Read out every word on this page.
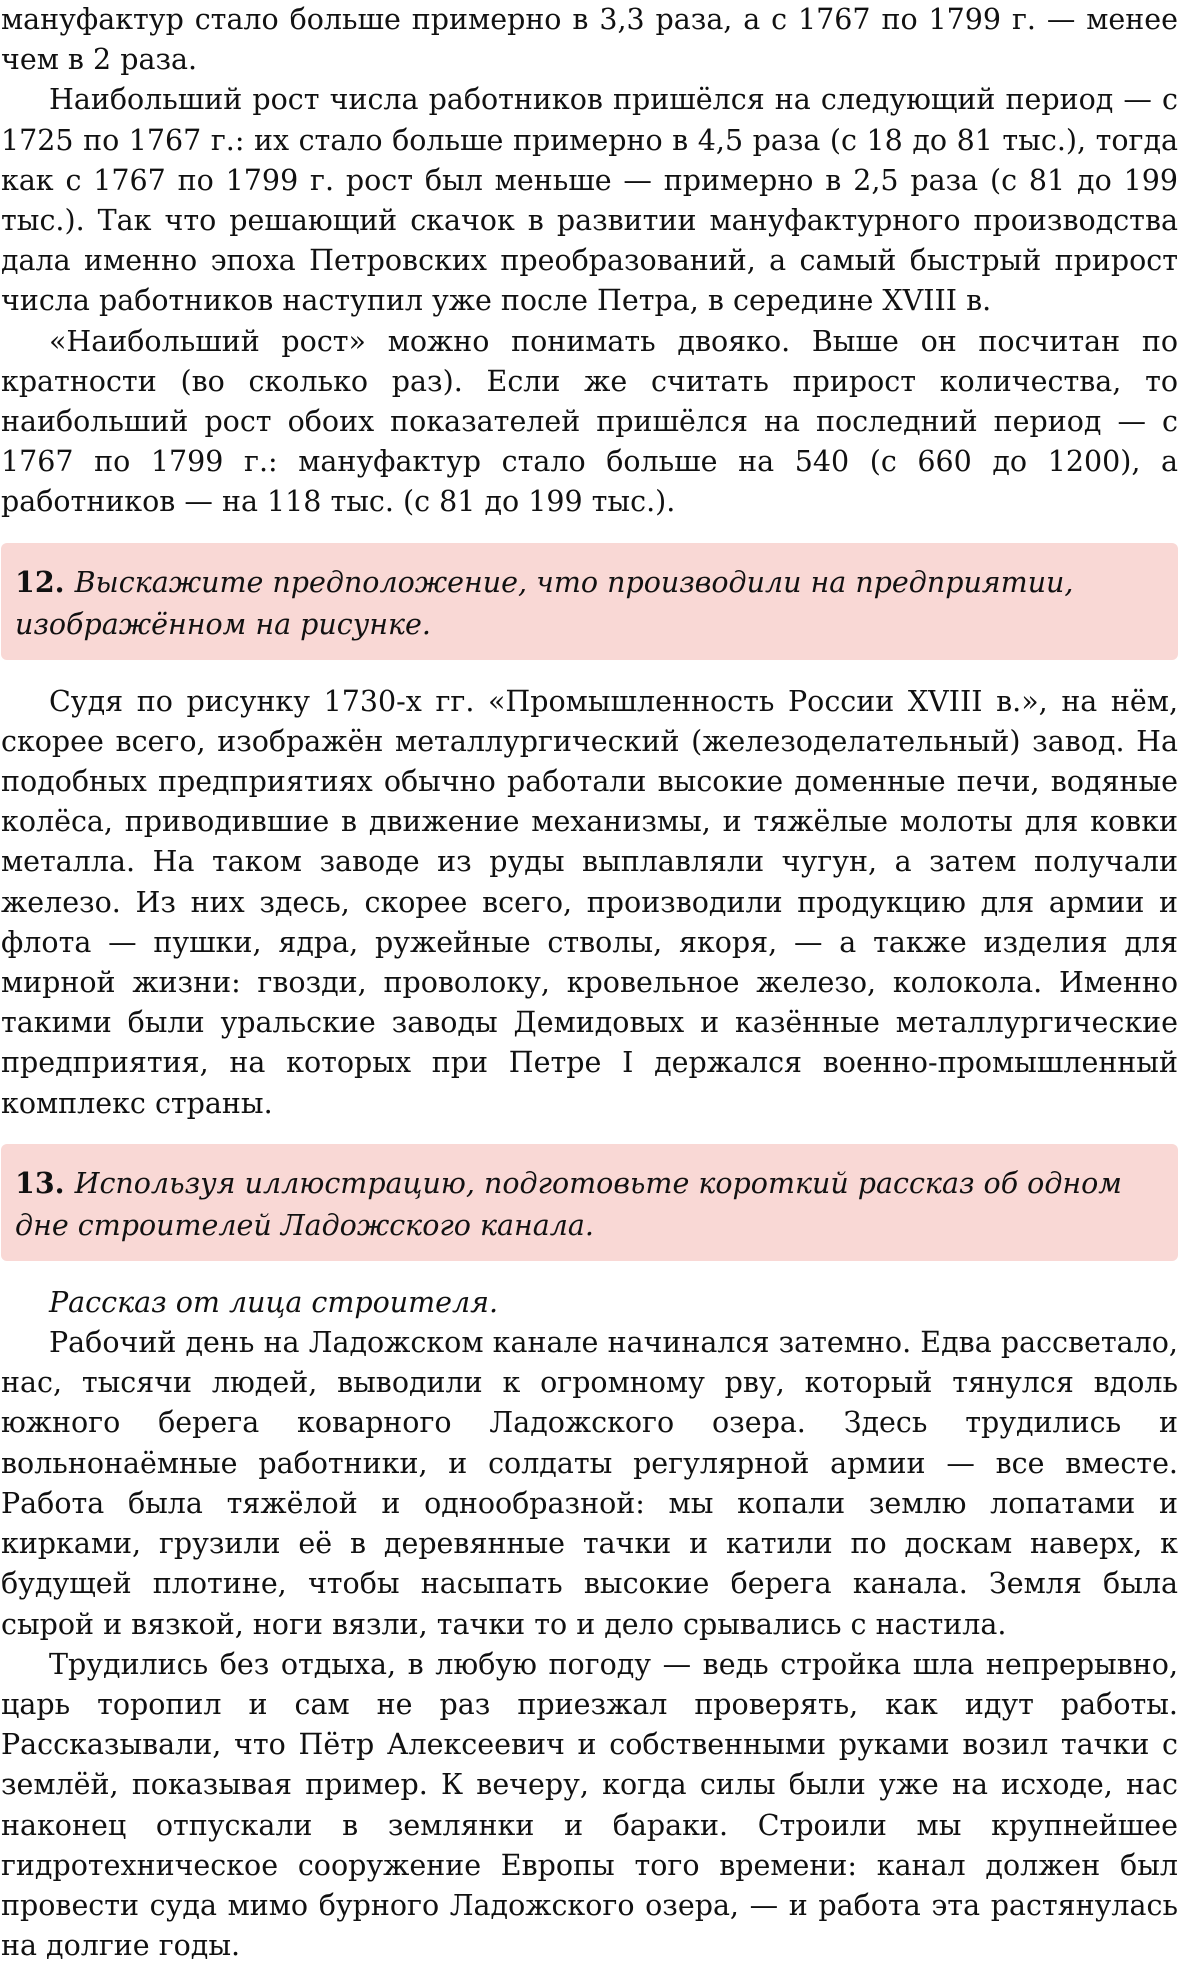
мануфактур стало больше примерно в 3,3 раза, а с 1767 по 1799 г. — менее чем в 2 раза.

Наибольший рост числа работников пришёлся на следующий период — с 1725 по 1767 г.: их стало больше примерно в 4,5 раза (с 18 до 81 тыс.), тогда как с 1767 по 1799 г. рост был меньше — примерно в 2,5 раза (с 81 до 199 тыс.). Так что решающий скачок в развитии мануфактурного производства дала именно эпоха Петровских преобразований, а самый быстрый прирост числа работников наступил уже после Петра, в середине XVIII в.

«Наибольший рост» можно понимать двояко. Выше он посчитан по кратности (во сколько раз). Если же считать прирост количества, то наибольший рост обоих показателей пришёлся на последний период — с 1767 по 1799 г.: мануфактур стало больше на 540 (с 660 до 1200), а работников — на 118 тыс. (с 81 до 199 тыс.).

12. Выскажите предположение, что производили на предприятии, изображённом на рисунке.

Судя по рисунку 1730-х гг. «Промышленность России XVIII в.», на нём, скорее всего, изображён металлургический (железоделательный) завод. На подобных предприятиях обычно работали высокие доменные печи, водяные колёса, приводившие в движение механизмы, и тяжёлые молоты для ковки металла. На таком заводе из руды выплавляли чугун, а затем получали железо. Из них здесь, скорее всего, производили продукцию для армии и флота — пушки, ядра, ружейные стволы, якоря, — а также изделия для мирной жизни: гвозди, проволоку, кровельное железо, колокола. Именно такими были уральские заводы Демидовых и казённые металлургические предприятия, на которых при Петре I держался военно-промышленный комплекс страны.

13. Используя иллюстрацию, подготовьте короткий рассказ об одном дне строителей Ладожского канала.

Рассказ от лица строителя.

Рабочий день на Ладожском канале начинался затемно. Едва рассветало, нас, тысячи людей, выводили к огромному рву, который тянулся вдоль южного берега коварного Ладожского озера. Здесь трудились и вольнонаёмные работники, и солдаты регулярной армии — все вместе. Работа была тяжёлой и однообразной: мы копали землю лопатами и кирками, грузили её в деревянные тачки и катили по доскам наверх, к будущей плотине, чтобы насыпать высокие берега канала. Земля была сырой и вязкой, ноги вязли, тачки то и дело срывались с настила.

Трудились без отдыха, в любую погоду — ведь стройка шла непрерывно, царь торопил и сам не раз приезжал проверять, как идут работы. Рассказывали, что Пётр Алексеевич и собственными руками возил тачки с землёй, показывая пример. К вечеру, когда силы были уже на исходе, нас наконец отпускали в землянки и бараки. Строили мы крупнейшее гидротехническое сооружение Европы того времени: канал должен был провести суда мимо бурного Ладожского озера, — и работа эта растянулась на долгие годы.
